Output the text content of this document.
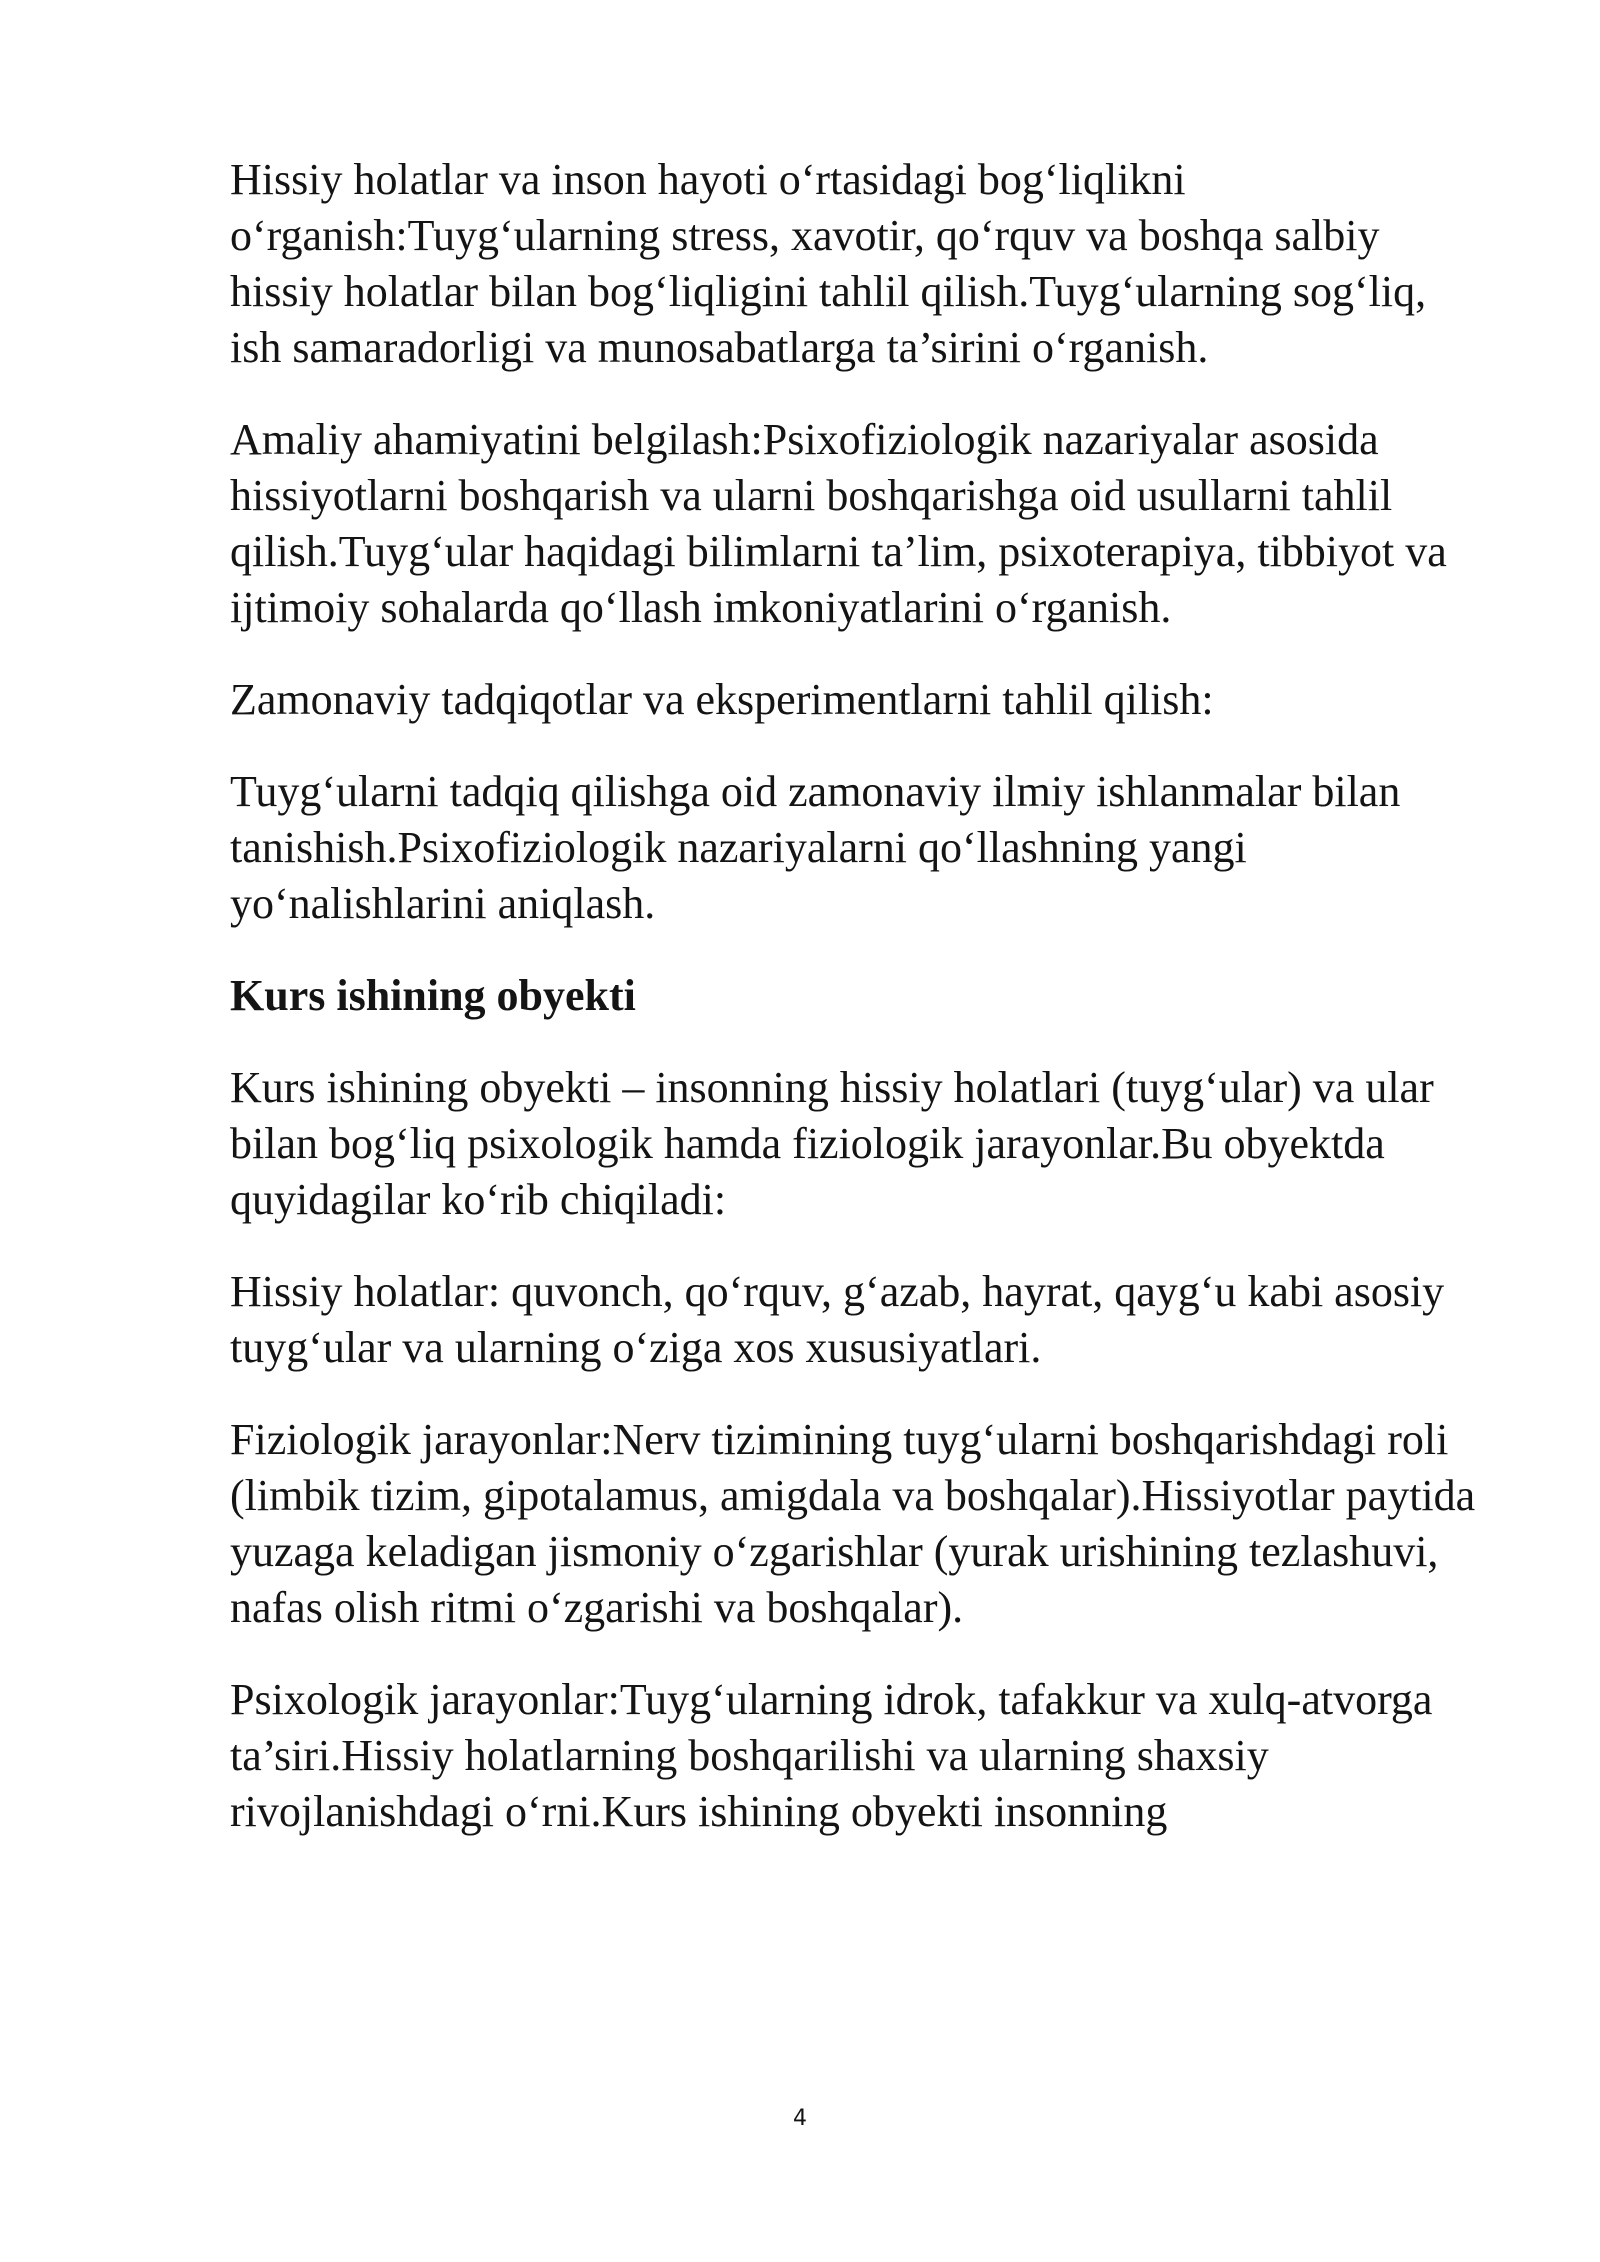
Hissiy holatlar va inson hayoti o‘rtasidagi bog‘liqlikni o‘rganish:Tuyg‘ularning stress, xavotir, qo‘rquv va boshqa salbiy hissiy holatlar bilan bog‘liqligini tahlil qilish.Tuyg‘ularning sog‘liq, ish samaradorligi va munosabatlarga ta’sirini o‘rganish.

Amaliy ahamiyatini belgilash:Psixofiziologik nazariyalar asosida hissiyotlarni boshqarish va ularni boshqarishga oid usullarni tahlil qilish.Tuyg‘ular haqidagi bilimlarni ta’lim, psixoterapiya, tibbiyot va ijtimoiy sohalarda qo‘llash imkoniyatlarini o‘rganish.

Zamonaviy tadqiqotlar va eksperimentlarni tahlil qilish:

Tuyg‘ularni tadqiq qilishga oid zamonaviy ilmiy ishlanmalar bilan tanishish.Psixofiziologik nazariyalarni qo‘llashning yangi yo‘nalishlarini aniqlash.

Kurs ishining obyekti

Kurs ishining obyekti – insonning hissiy holatlari (tuyg‘ular) va ular bilan bog‘liq psixologik hamda fiziologik jarayonlar.Bu obyektda quyidagilar ko‘rib chiqiladi:

Hissiy holatlar: quvonch, qo‘rquv, g‘azab, hayrat, qayg‘u kabi asosiy tuyg‘ular va ularning o‘ziga xos xususiyatlari.

Fiziologik jarayonlar:Nerv tizimining tuyg‘ularni boshqarishdagi roli (limbik tizim, gipotalamus, amigdala va boshqalar).Hissiyotlar paytida yuzaga keladigan jismoniy o‘zgarishlar (yurak urishining tezlashuvi, nafas olish ritmi o‘zgarishi va boshqalar).

Psixologik jarayonlar:Tuyg‘ularning idrok, tafakkur va xulq-atvorga ta’siri.Hissiy holatlarning boshqarilishi va ularning shaxsiy rivojlanishdagi o‘rni.Kurs ishining obyekti insonning

4
